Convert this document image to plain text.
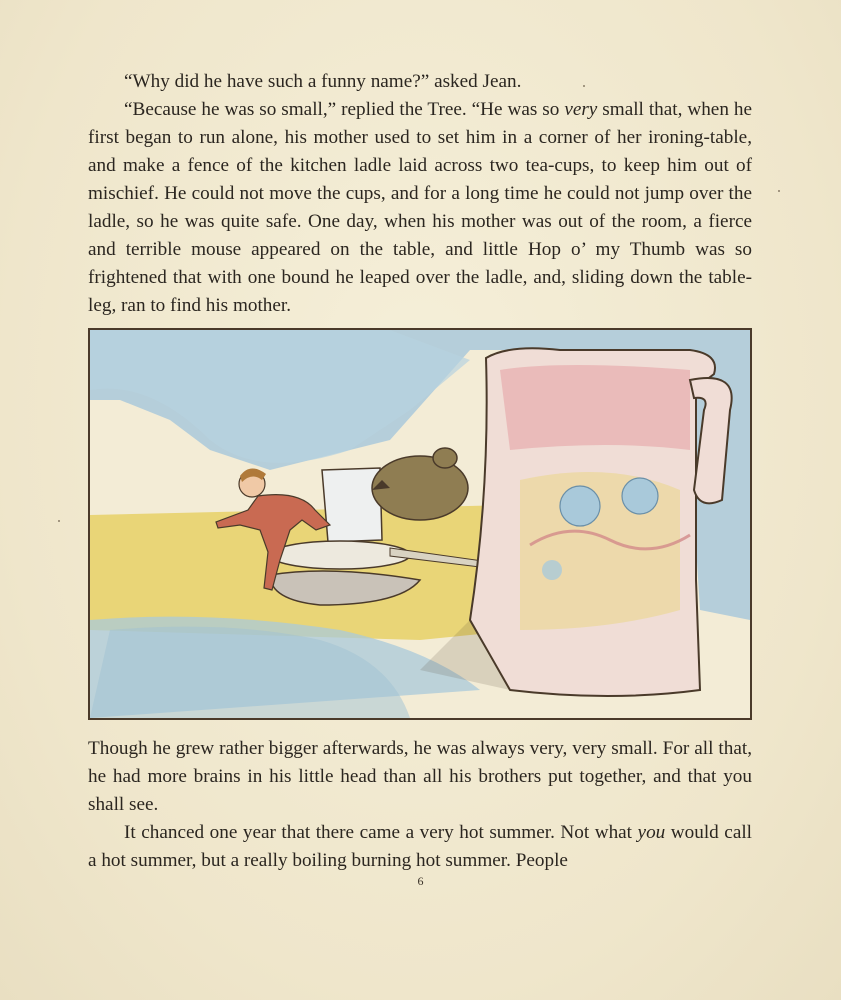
“Why did he have such a funny name?” asked Jean.

“Because he was so small,” replied the Tree. “He was so very small that, when he first began to run alone, his mother used to set him in a corner of her ironing-table, and make a fence of the kitchen ladle laid across two tea-cups, to keep him out of mischief. He could not move the cups, and for a long time he could not jump over the ladle, so he was quite safe. One day, when his mother was out of the room, a fierce and terrible mouse appeared on the table, and little Hop o’ my Thumb was so frightened that with one bound he leaped over the ladle, and, sliding down the table-leg, ran to find his mother.

Though he grew rather bigger afterwards, he was always very, very small. For all that, he had more brains in his little head than all his brothers put together, and that you shall see.

It chanced one year that there came a very hot summer. Not what you would call a hot summer, but a really boiling burning hot summer. People

6
